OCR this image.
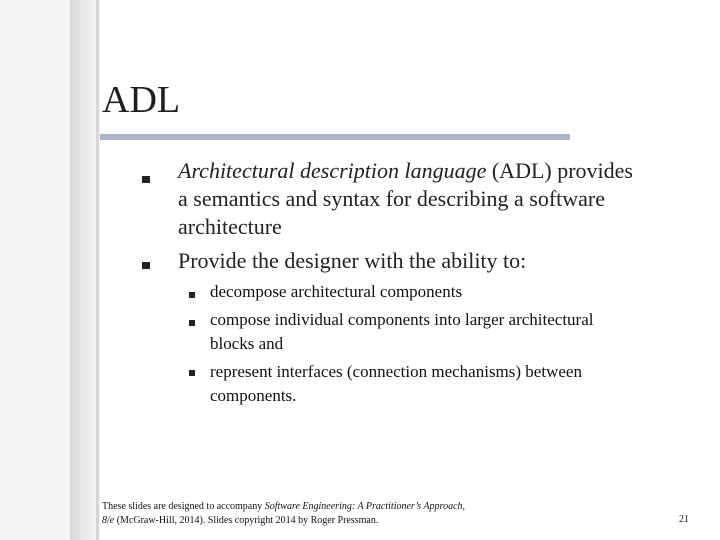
ADL
Architectural description language (ADL) provides
a semantics and syntax for describing a software
architecture
Provide the designer with the ability to:
decompose architectural components
compose individual components into larger architectural
blocks and
represent interfaces (connection mechanisms) between
components.
These slides are designed to accompany Software Engineering: A Practitioner’s Approach,
8/e (McGraw-Hill, 2014). Slides copyright 2014 by Roger Pressman.	21
